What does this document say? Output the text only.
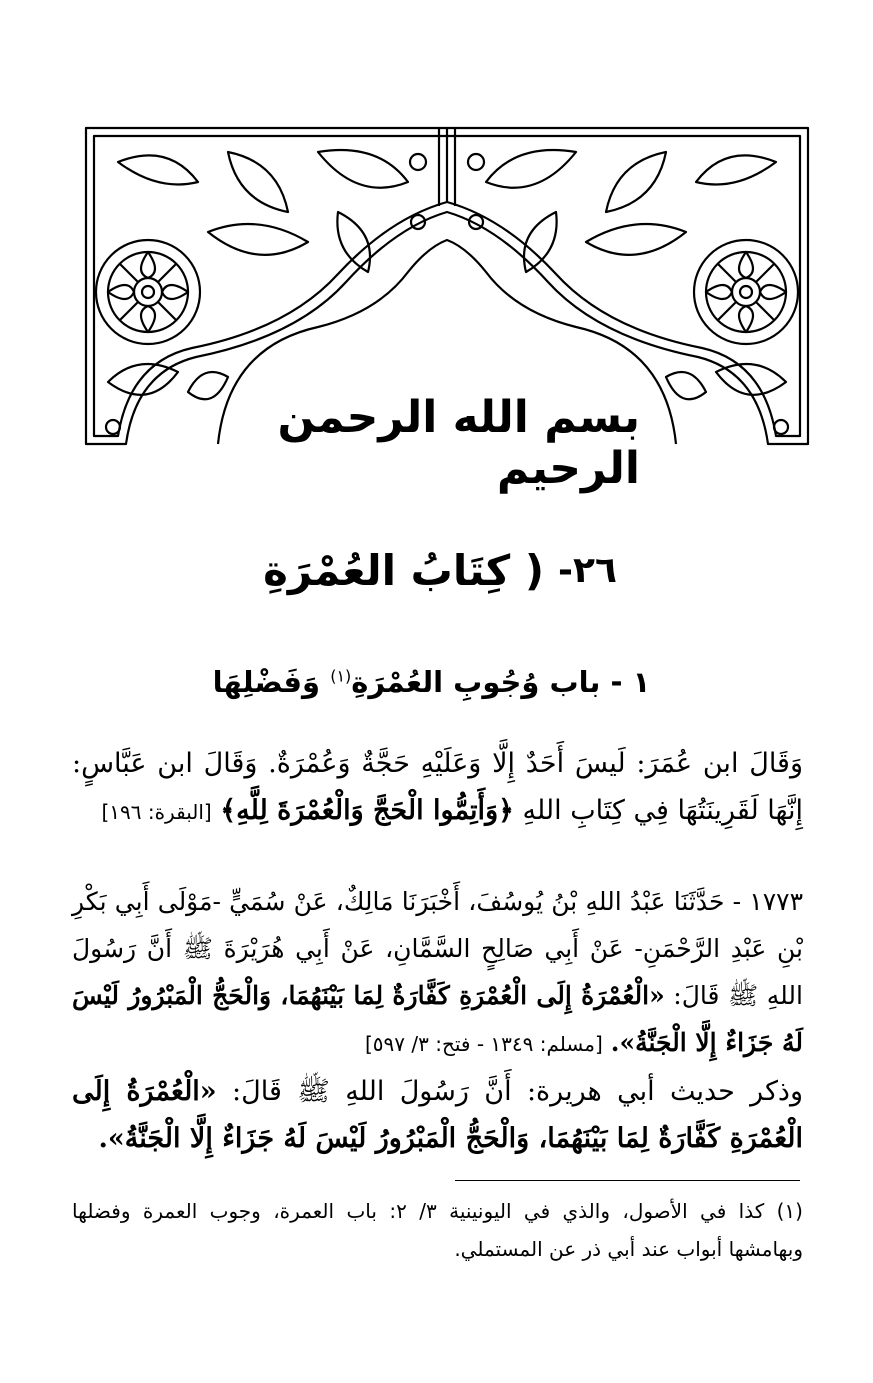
بسم الله الرحمن الرحيم
٢٦-
( كِتَابُ العُمْرَةِ
١ - باب وُجُوبِ العُمْرَةِ$^{(١)}$ وَفَضْلِهَا
وَقَالَ ابن عُمَرَ: لَيسَ أَحَدٌ إِلَّا وَعَلَيْهِ حَجَّةٌ وَعُمْرَةٌ. وَقَالَ ابن عَبَّاسٍ: إِنَّهَا لَقَرِينَتُهَا فِي كِتَابِ اللهِ ﴿وَأَتِمُّوا الْحَجَّ وَالْعُمْرَةَ لِلَّهِ﴾ [البقرة: ١٩٦]
١٧٧٣ - حَدَّثَنَا عَبْدُ اللهِ بْنُ يُوسُفَ، أَخْبَرَنَا مَالِكٌ، عَنْ سُمَيٍّ -مَوْلَى أَبِي بَكْرِ بْنِ عَبْدِ الرَّحْمَنِ- عَنْ أَبِي صَالِحٍ السَّمَّانِ، عَنْ أَبِي هُرَيْرَةَ ﷺ أَنَّ رَسُولَ اللهِ ﷺ قَالَ: «الْعُمْرَةُ إِلَى الْعُمْرَةِ كَفَّارَةٌ لِمَا بَيْنَهُمَا، وَالْحَجُّ الْمَبْرُورُ لَيْسَ لَهُ جَزَاءٌ إِلَّا الْجَنَّةُ». [مسلم: ١٣٤٩ - فتح: ٣/ ٥٩٧]
وذكر حديث أبي هريرة: أَنَّ رَسُولَ اللهِ ﷺ قَالَ: «الْعُمْرَةُ إِلَى الْعُمْرَةِ كَفَّارَةٌ لِمَا بَيْنَهُمَا، وَالْحَجُّ الْمَبْرُورُ لَيْسَ لَهُ جَزَاءٌ إِلَّا الْجَنَّةُ».
(١) كذا في الأصول، والذي في اليونينية ٣/ ٢: باب العمرة، وجوب العمرة وفضلها وبهامشها أبواب عند أبي ذر عن المستملي.
